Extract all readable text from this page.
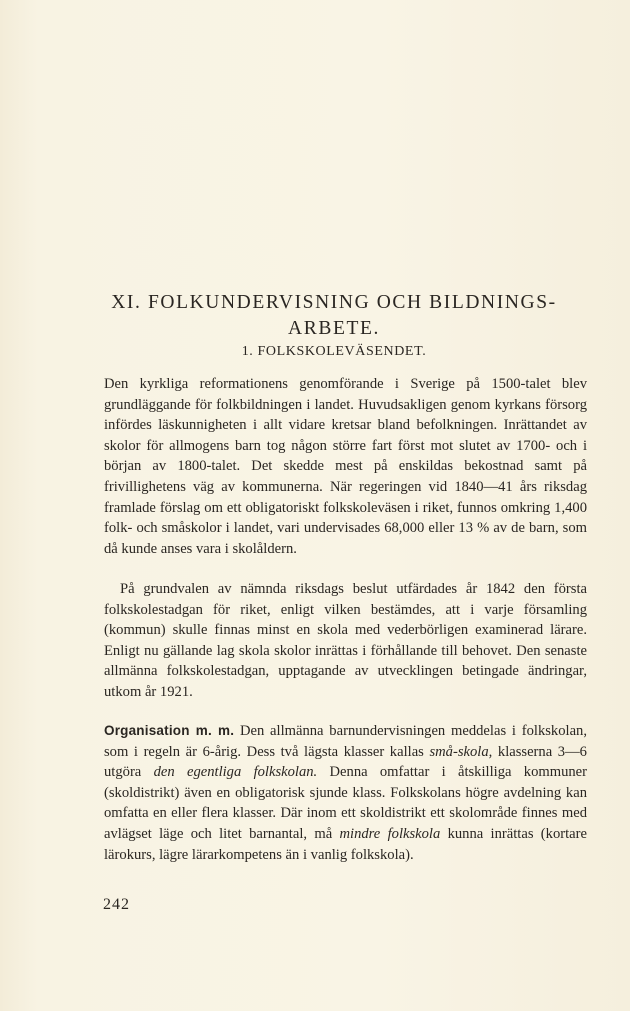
XI. FOLKUNDERVISNING OCH BILDNINGS-ARBETE.
1. FOLKSKOLEVÄSENDET.

Den kyrkliga reformationens genomförande i Sverige på 1500-talet blev grundläggande för folkbildningen i landet. Huvudsakligen genom kyrkans försorg infördes läskunnigheten i allt vidare kretsar bland befolkningen. Inrättandet av skolor för allmogens barn tog någon större fart först mot slutet av 1700- och i början av 1800-talet. Det skedde mest på enskildas bekostnad samt på frivillighetens väg av kommunerna. När regeringen vid 1840—41 års riksdag framlade förslag om ett obligatoriskt folkskoleväsen i riket, funnos omkring 1,400 folk- och småskolor i landet, vari undervisades 68,000 eller 13 % av de barn, som då kunde anses vara i skolåldern.

På grundvalen av nämnda riksdags beslut utfärdades år 1842 den första folkskolestadgan för riket, enligt vilken bestämdes, att i varje församling (kommun) skulle finnas minst en skola med vederbörligen examinerad lärare. Enligt nu gällande lag skola skolor inrättas i förhållande till behovet. Den senaste allmänna folkskolestadgan, upptagande av utvecklingen betingade ändringar, utkom år 1921.

Organisation m. m. Den allmänna barnundervisningen meddelas i folkskolan, som i regeln är 6-årig. Dess två lägsta klasser kallas små-skola, klasserna 3—6 utgöra den egentliga folkskolan. Denna omfattar i åtskilliga kommuner (skoldistrikt) även en obligatorisk sjunde klass. Folkskolans högre avdelning kan omfatta en eller flera klasser. Där inom ett skoldistrikt ett skolområde finnes med avlägset läge och litet barnantal, må mindre folkskola kunna inrättas (kortare lärokurs, lägre lärarkompetens än i vanlig folkskola).

242
